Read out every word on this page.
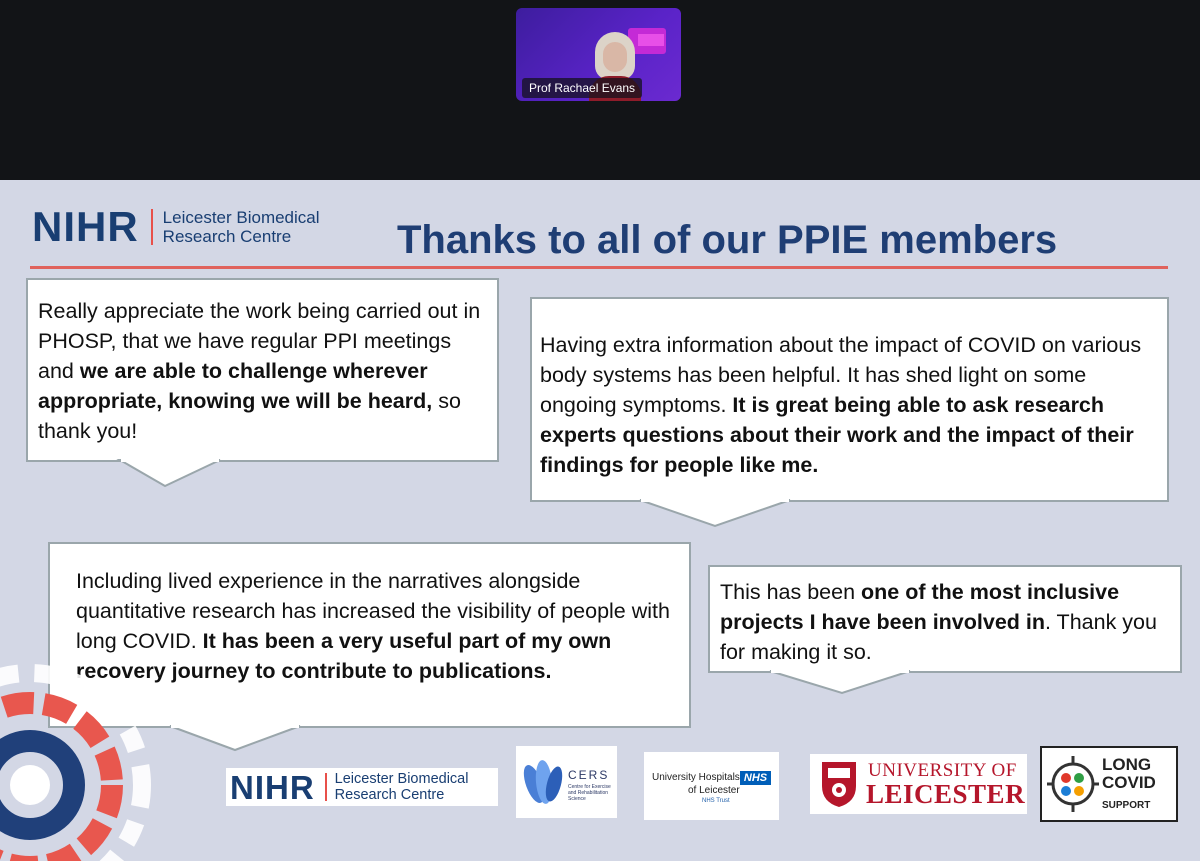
Prof Rachael Evans
NIHR Leicester Biomedical
Research Centre	Thanks to all of our PPIE members
Really appreciate the work being carried out in PHOSP, that we have regular PPI meetings and we are able to challenge wherever appropriate, knowing we will be heard, so thank you!
Having extra information about the impact of COVID on various body systems has been helpful. It has shed light on some ongoing symptoms. It is great being able to ask research experts questions about their work and the impact of their findings for people like me.
Including lived experience in the narratives alongside quantitative research has increased the visibility of people with long COVID. It has been a very useful part of my own recovery journey to contribute to publications.
This has been one of the most inclusive projects I have been involved in. Thank you for making it so.
NIHR Leicester Biomedical
Research Centre
CERS
Centre for Exercise and Rehabilitation Science
University Hospitals NHS
of Leicester
NHS Trust
UNIVERSITY OF
LEICESTER
LONG
COVID
SUPPORT
